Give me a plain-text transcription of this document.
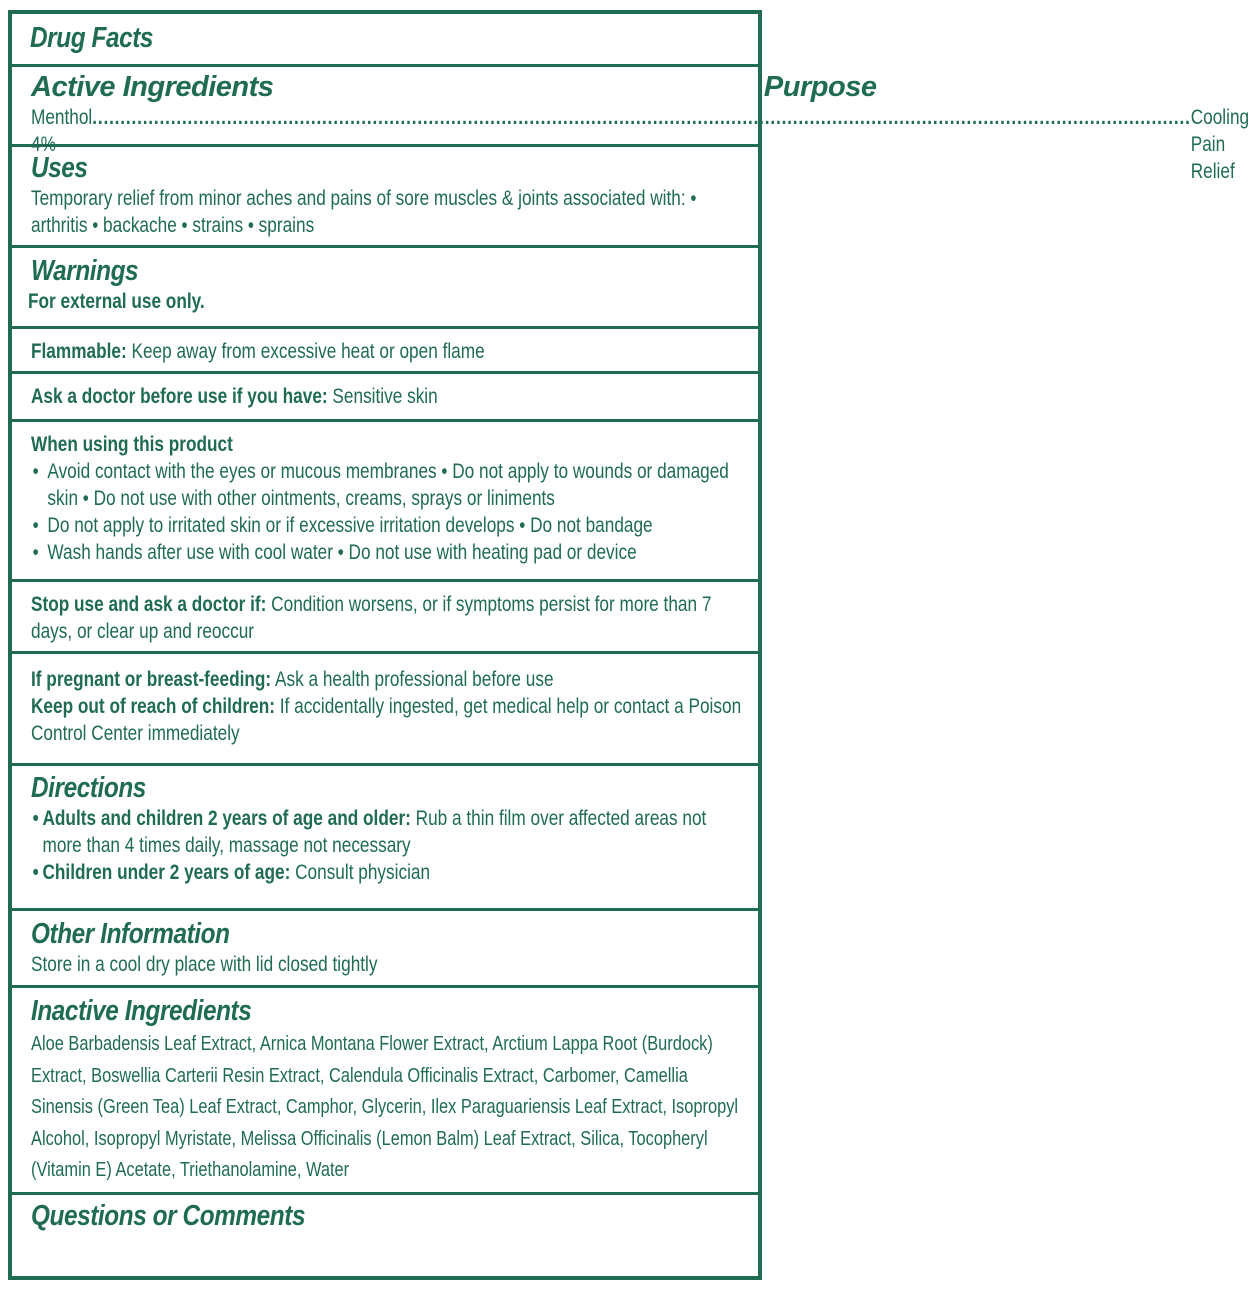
Drug Facts
Active Ingredients	Purpose
Menthol 4%
.....
Cooling Pain Relief
Uses
Temporary relief from minor aches and pains of sore muscles & joints associated with: • arthritis • backache • strains • sprains
Warnings
For external use only.
Flammable: Keep away from excessive heat or open flame
Ask a doctor before use if you have: Sensitive skin
When using this product
• Avoid contact with the eyes or mucous membranes • Do not apply to wounds or damaged skin • Do not use with other ointments, creams, sprays or liniments
• Do not apply to irritated skin or if excessive irritation develops • Do not bandage
• Wash hands after use with cool water • Do not use with heating pad or device
Stop use and ask a doctor if: Condition worsens, or if symptoms persist for more than 7 days, or clear up and reoccur
If pregnant or breast-feeding: Ask a health professional before use
Keep out of reach of children: If accidentally ingested, get medical help or contact a Poison Control Center immediately
Directions
• Adults and children 2 years of age and older: Rub a thin film over affected areas not more than 4 times daily, massage not necessary
• Children under 2 years of age: Consult physician
Other Information
Store in a cool dry place with lid closed tightly
Inactive Ingredients
Aloe Barbadensis Leaf Extract, Arnica Montana Flower Extract, Arctium Lappa Root (Burdock) Extract, Boswellia Carterii Resin Extract, Calendula Officinalis Extract, Carbomer, Camellia Sinensis (Green Tea) Leaf Extract, Camphor, Glycerin, Ilex Paraguariensis Leaf Extract, Isopropyl Alcohol, Isopropyl Myristate, Melissa Officinalis (Lemon Balm) Leaf Extract, Silica, Tocopheryl (Vitamin E) Acetate, Triethanolamine, Water
Questions or Comments
